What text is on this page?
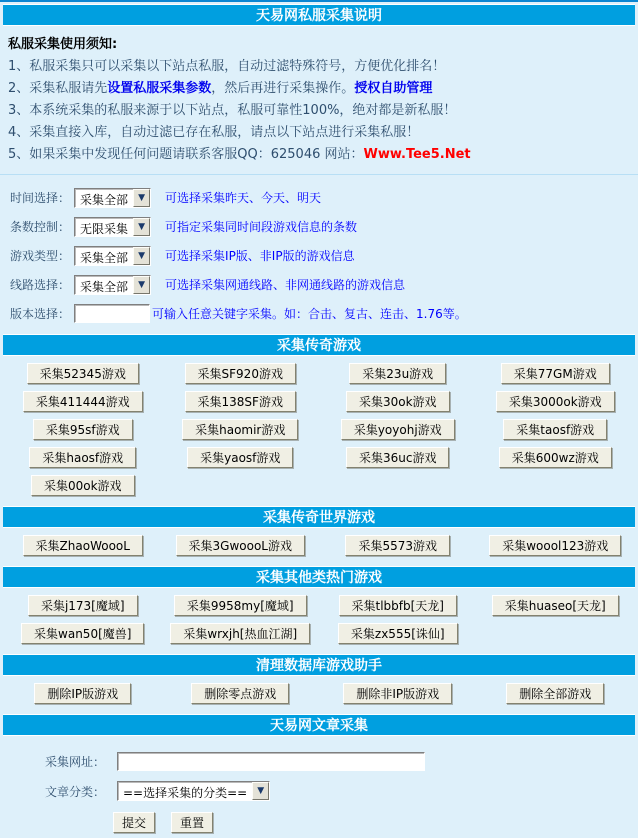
天易网私服采集说明
私服采集使用须知:
1、私服采集只可以采集以下站点私服，自动过滤特殊符号，方便优化排名！
2、采集私服请先设置私服采集参数，然后再进行采集操作。授权自助管理
3、本系统采集的私服来源于以下站点，私服可靠性100%，绝对都是新私服！
4、采集直接入库，自动过滤已存在私服，请点以下站点进行采集私服！
5、如果采集中发现任何问题请联系客服QQ：625046 网站：Www.Tee5.Net
时间选择： 采集全部	▼	可选择采集昨天、今天、明天
条数控制： 无限采集	▼	可指定采集同时间段游戏信息的条数
游戏类型： 采集全部	▼	可选择采集IP版、非IP版的游戏信息
线路选择： 采集全部	▼	可选择采集网通线路、非网通线路的游戏信息
版本选择：	可输入任意关键字采集。如：合击、复古、连击、1.76等。
采集传奇游戏
采集52345游戏	采集SF920游戏	采集23u游戏	采集77GM游戏
采集411444游戏	采集138SF游戏	采集30ok游戏	采集3000ok游戏
采集95sf游戏	采集haomir游戏	采集yoyohj游戏	采集taosf游戏
采集haosf游戏	采集yaosf游戏	采集36uc游戏	采集600wz游戏
采集00ok游戏
采集传奇世界游戏
采集ZhaoWoooL	采集3GwoooL游戏	采集5573游戏	采集woool123游戏
采集其他类热门游戏
采集j173[魔域]	采集9958my[魔域]	采集tlbbfb[天龙]	采集huaseo[天龙]
采集wan50[魔兽]	采集wrxjh[热血江湖]	采集zx555[诛仙]
清理数据库游戏助手
删除IP版游戏	删除零点游戏	删除非IP版游戏	删除全部游戏
天易网文章采集
采集网址：
文章分类：	==选择采集的分类==	▼
提交	重置
